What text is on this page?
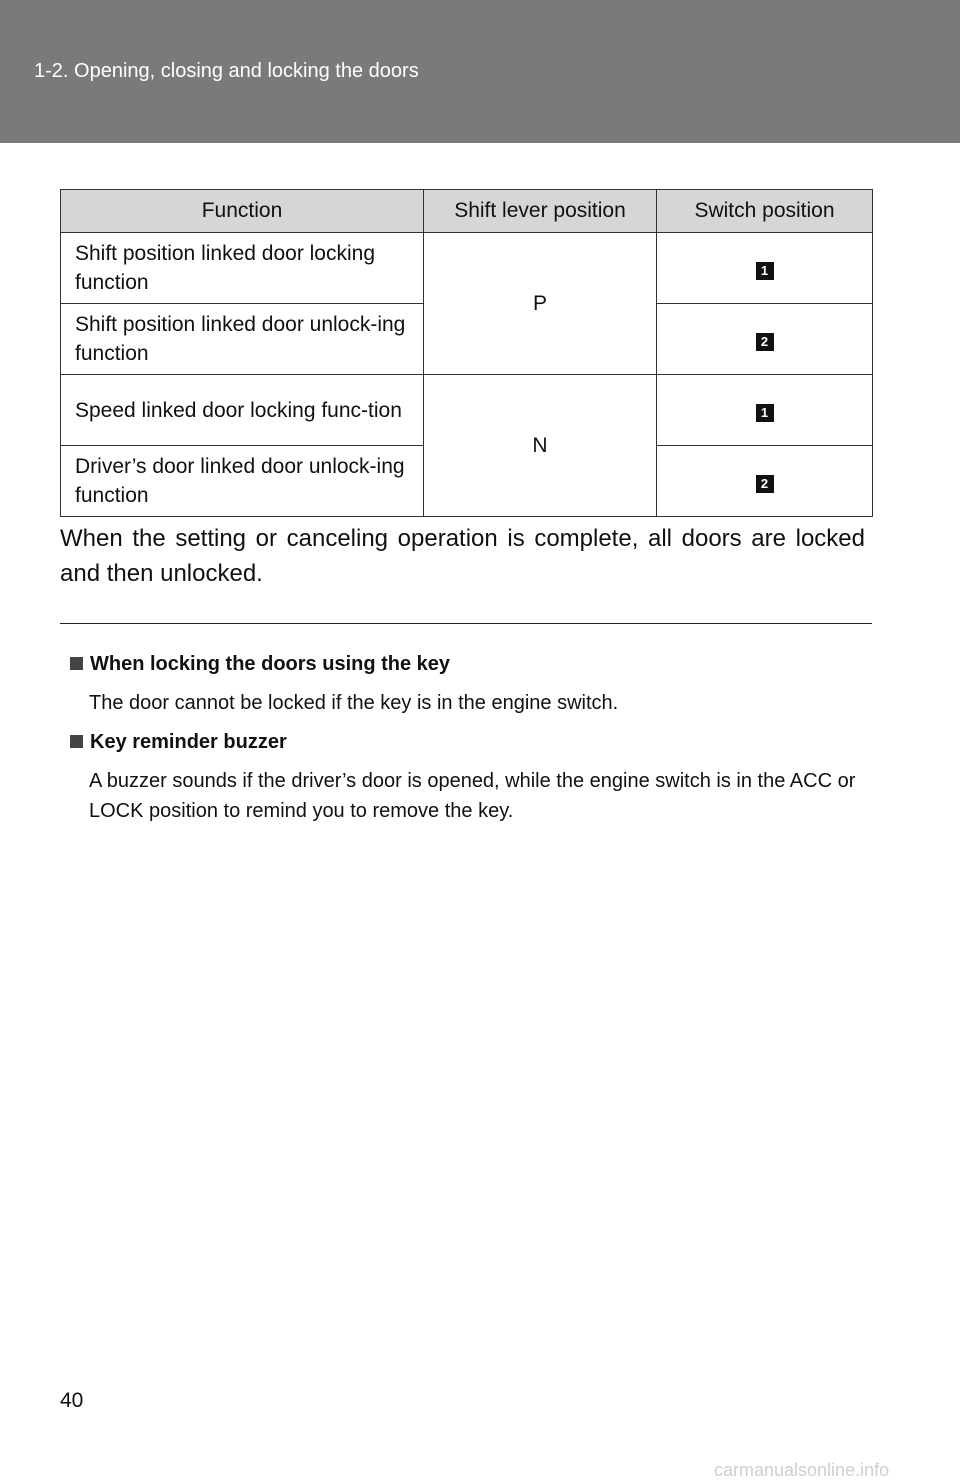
1-2. Opening, closing and locking the doors
Function	Shift lever position	Switch position
Shift position linked door locking function	P	1
Shift position linked door unlock-ing function		2
Speed linked door locking func-tion	N	1
Driver’s door linked door unlock-ing function		2
When the setting or canceling operation is complete, all doors are locked and then unlocked.
When locking the doors using the key
The door cannot be locked if the key is in the engine switch.
Key reminder buzzer
A buzzer sounds if the driver’s door is opened, while the engine switch is in the ACC or LOCK position to remind you to remove the key.
40
carmanualsonline.info
